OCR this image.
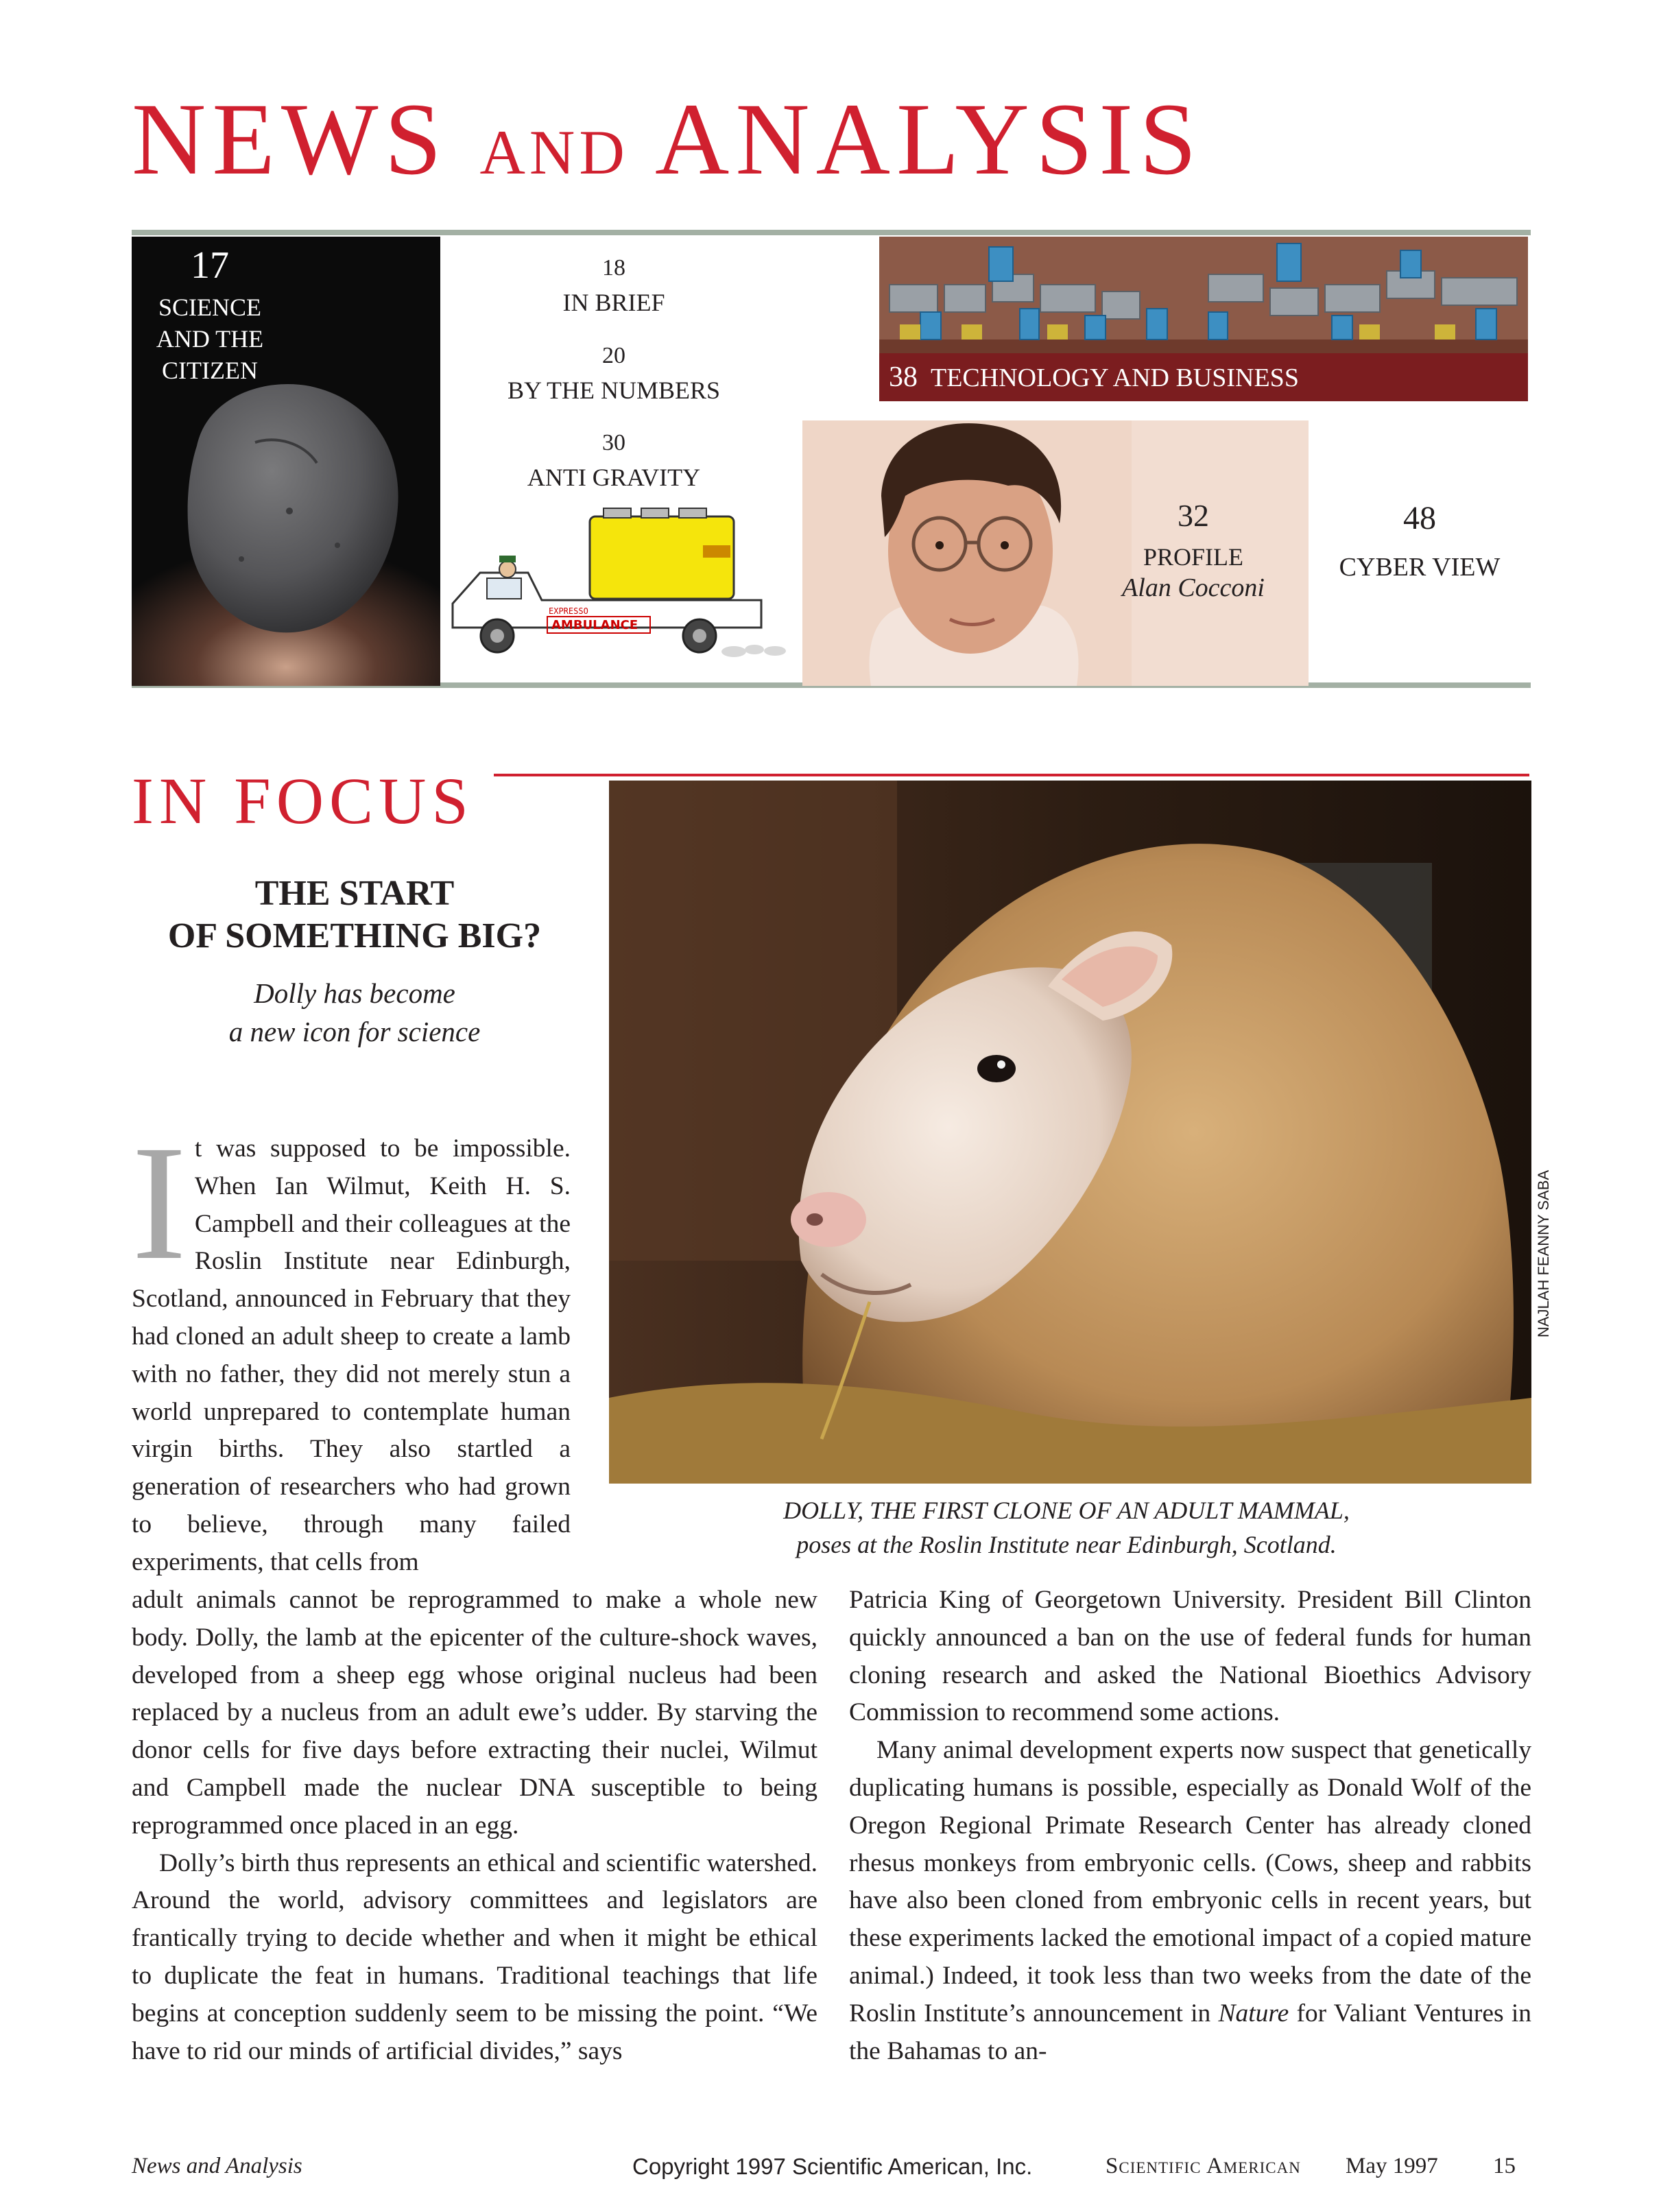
NEWS AND ANALYSIS
17
SCIENCE
AND THE
CITIZEN
18
IN BRIEF
20
BY THE NUMBERS
30
ANTI GRAVITY
EXPRESSO
AMBULANCE
38 TECHNOLOGY AND BUSINESS
32
PROFILE
Alan Cocconi
48
CYBER VIEW
IN FOCUS
THE START
OF SOMETHING BIG?
Dolly has become
a new icon for science
NAJLAH FEANNY SABA
DOLLY, THE FIRST CLONE OF AN ADULT MAMMAL,
poses at the Roslin Institute near Edinburgh, Scotland.
It was supposed to be impossible. When Ian Wilmut, Keith H. S. Campbell and their colleagues at the Roslin Institute near Edinburgh, Scotland, announced in February that they had cloned an adult sheep to create a lamb with no father, they did not merely stun a world unprepared to contemplate human virgin births. They also startled a generation of researchers who had grown to believe, through many failed experiments, that cells from

adult animals cannot be reprogrammed to make a whole new body. Dolly, the lamb at the epicenter of the culture-shock waves, developed from a sheep egg whose original nucleus had been replaced by a nucleus from an adult ewe’s udder. By starving the donor cells for five days before extracting their nuclei, Wilmut and Campbell made the nuclear DNA susceptible to being reprogrammed once placed in an egg.

Dolly’s birth thus represents an ethical and scientific watershed. Around the world, advisory committees and legislators are frantically trying to decide whether and when it might be ethical to duplicate the feat in humans. Traditional teachings that life begins at conception suddenly seem to be missing the point. “We have to rid our minds of artificial divides,” says

Patricia King of Georgetown University. President Bill Clinton quickly announced a ban on the use of federal funds for human cloning research and asked the National Bioethics Advisory Commission to recommend some actions.

Many animal development experts now suspect that genetically duplicating humans is possible, especially as Donald Wolf of the Oregon Regional Primate Research Center has already cloned rhesus monkeys from embryonic cells. (Cows, sheep and rabbits have also been cloned from embryonic cells in recent years, but these experiments lacked the emotional impact of a copied mature animal.) Indeed, it took less than two weeks from the date of the Roslin Institute’s announcement in Nature for Valiant Ventures in the Bahamas to an-

News and Analysis	Copyright 1997 Scientific American, Inc.	Scientific American May 1997 15
